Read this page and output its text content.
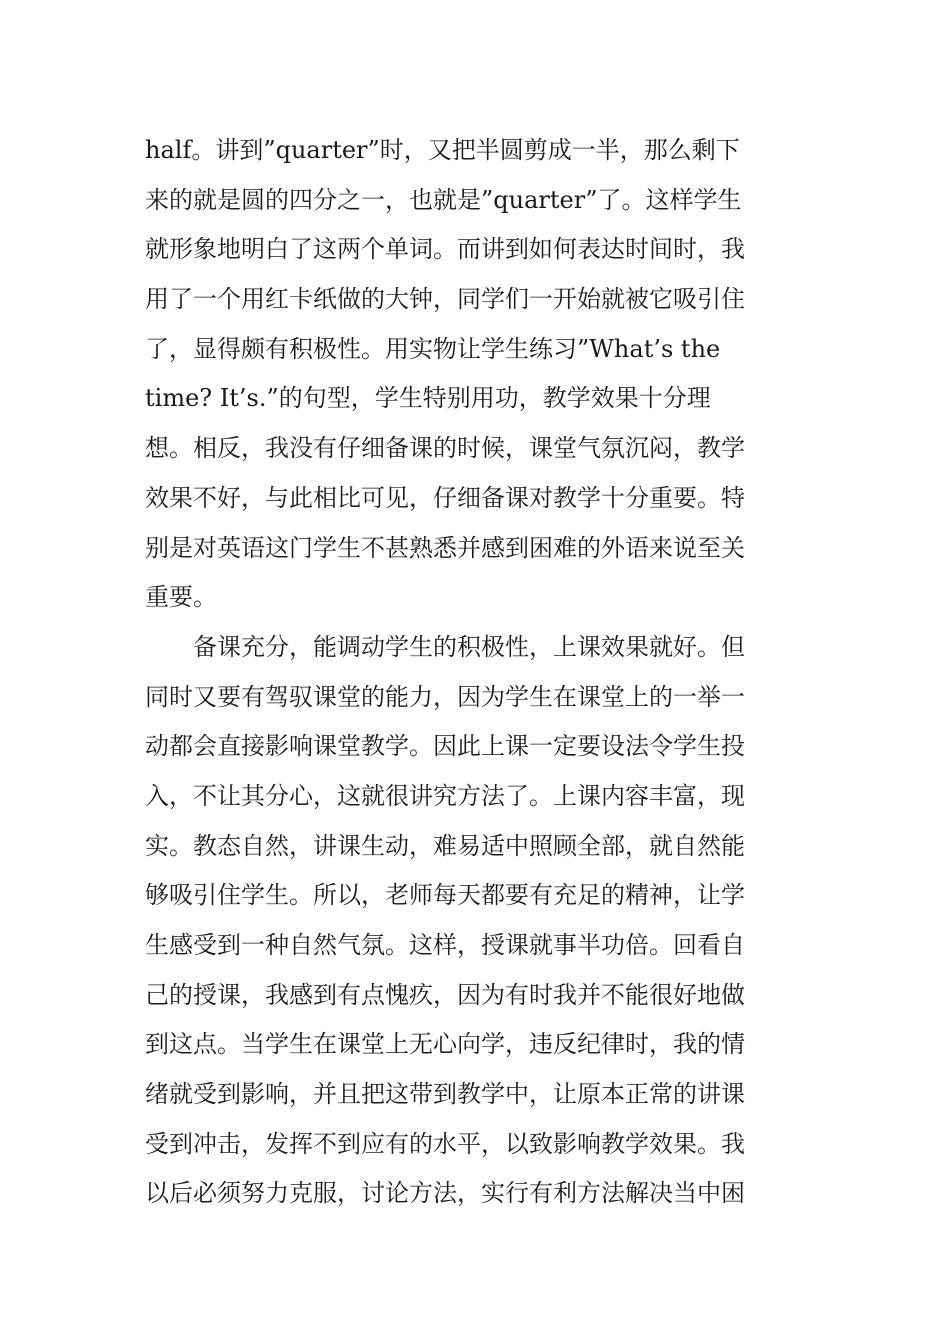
half。讲到”quarter”时，又把半圆剪成一半，那么剩下
来的就是圆的四分之一，也就是”quarter”了。这样学生
就形象地明白了这两个单词。而讲到如何表达时间时，我
用了一个用红卡纸做的大钟，同学们一开始就被它吸引住
了，显得颇有积极性。用实物让学生练习”What’s the
time? It’s.”的句型，学生特别用功，教学效果十分理
想。相反，我没有仔细备课的时候，课堂气氛沉闷，教学
效果不好，与此相比可见，仔细备课对教学十分重要。特
别是对英语这门学生不甚熟悉并感到困难的外语来说至关
重要。
　　备课充分，能调动学生的积极性，上课效果就好。但
同时又要有驾驭课堂的能力，因为学生在课堂上的一举一
动都会直接影响课堂教学。因此上课一定要设法令学生投
入，不让其分心，这就很讲究方法了。上课内容丰富，现
实。教态自然，讲课生动，难易适中照顾全部，就自然能
够吸引住学生。所以，老师每天都要有充足的精神，让学
生感受到一种自然气氛。这样，授课就事半功倍。回看自
己的授课，我感到有点愧疚，因为有时我并不能很好地做
到这点。当学生在课堂上无心向学，违反纪律时，我的情
绪就受到影响，并且把这带到教学中，让原本正常的讲课
受到冲击，发挥不到应有的水平，以致影响教学效果。我
以后必须努力克服，讨论方法，实行有利方法解决当中困
